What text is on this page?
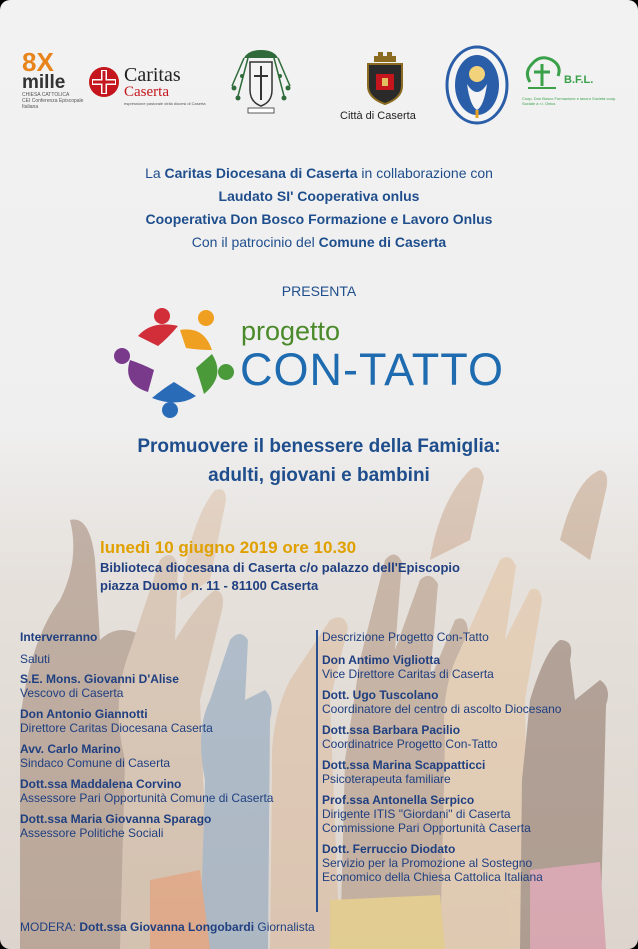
8X
mille
CHIESA CATTOLICA
CEI Conferenza Episcopale Italiana
Caritas
Caserta
espressione pastorale della diocesi di Caserta
Città di Caserta
B.F.L.
Coop. Don Bosco Formazione e lavoro Società coop. Sociale a r.l. Onlus
La Caritas Diocesana di Caserta in collaborazione con
Laudato SI' Cooperativa onlus
Cooperativa Don Bosco Formazione e Lavoro Onlus
Con il patrocinio del Comune di Caserta
PRESENTA
progetto
CON-TATTO
Promuovere il benessere della Famiglia:
adulti, giovani e bambini
lunedì 10 giugno 2019 ore 10.30
Biblioteca diocesana di Caserta c/o palazzo dell'Episcopio
piazza Duomo n. 11 - 81100 Caserta
Interverranno
Saluti
S.E. Mons. Giovanni D'Alise
Vescovo di Caserta
Don Antonio Giannotti
Direttore Caritas Diocesana Caserta
Avv. Carlo Marino
Sindaco Comune di Caserta
Dott.ssa Maddalena Corvino
Assessore Pari Opportunità Comune di Caserta
Dott.ssa Maria Giovanna Sparago
Assessore Politiche Sociali
Descrizione Progetto Con-Tatto
Don Antimo Vigliotta
Vice Direttore Caritas di Caserta
Dott. Ugo Tuscolano
Coordinatore del centro di ascolto Diocesano
Dott.ssa Barbara Pacilio
Coordinatrice Progetto Con-Tatto
Dott.ssa Marina Scappatticci
Psicoterapeuta familiare
Prof.ssa Antonella Serpico
Dirigente ITIS "Giordani" di Caserta
Commissione Pari Opportunità Caserta
Dott. Ferruccio Diodato
Servizio per la Promozione al Sostegno
Economico della Chiesa Cattolica Italiana
MODERA: Dott.ssa Giovanna Longobardi Giornalista
